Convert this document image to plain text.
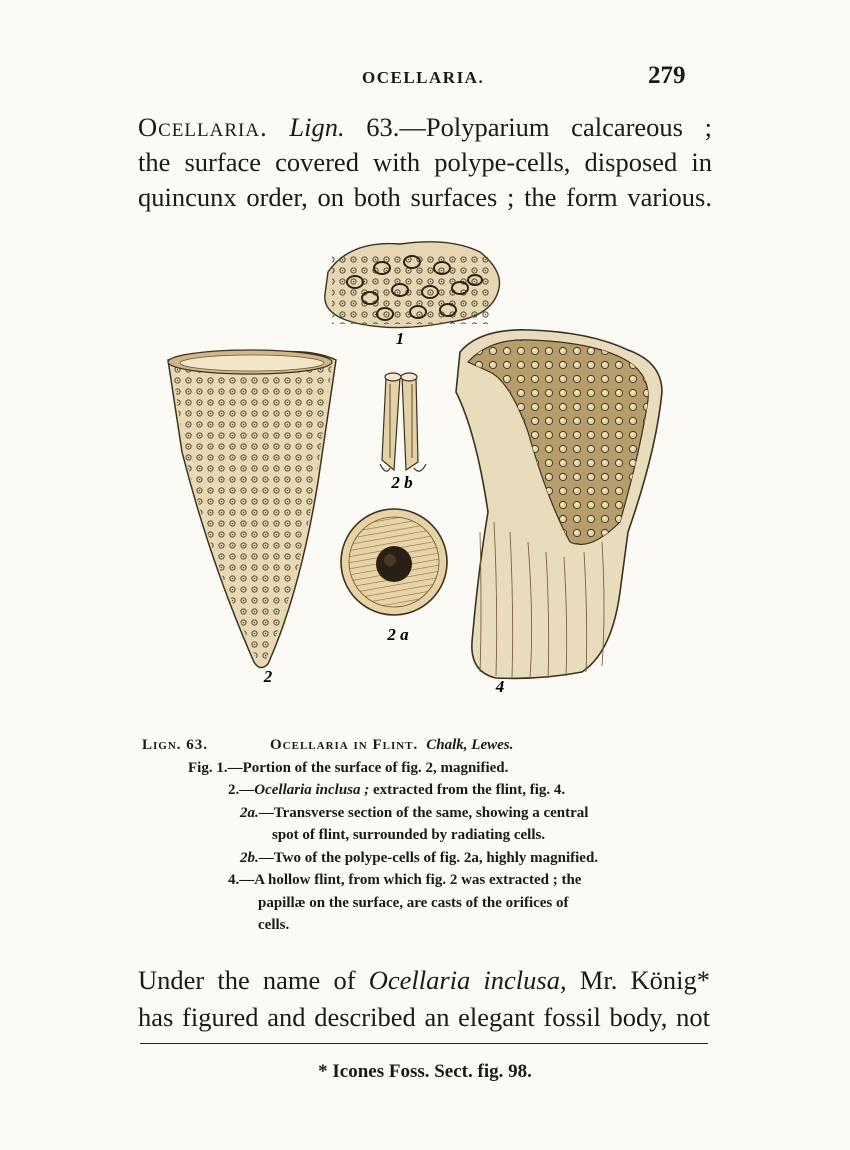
OCELLARIA.	279
Ocellaria. Lign. 63.—Polyparium calcareous ;
the surface covered with polype-cells, disposed in
quincunx order, on both surfaces ; the form various.
1
2
2 b
2 a
4
Lign. 63.	Ocellaria in Flint. Chalk, Lewes.
Fig. 1.—Portion of the surface of fig. 2, magnified.
2.—Ocellaria inclusa ; extracted from the flint, fig. 4.
2a.—Transverse section of the same, showing a central
spot of flint, surrounded by radiating cells.
2b.—Two of the polype-cells of fig. 2a, highly magnified.
4.—A hollow flint, from which fig. 2 was extracted ; the
papillæ on the surface, are casts of the orifices of
cells.
Under the name of Ocellaria inclusa, Mr. König*
has figured and described an elegant fossil body, not
* Icones Foss. Sect. fig. 98.
